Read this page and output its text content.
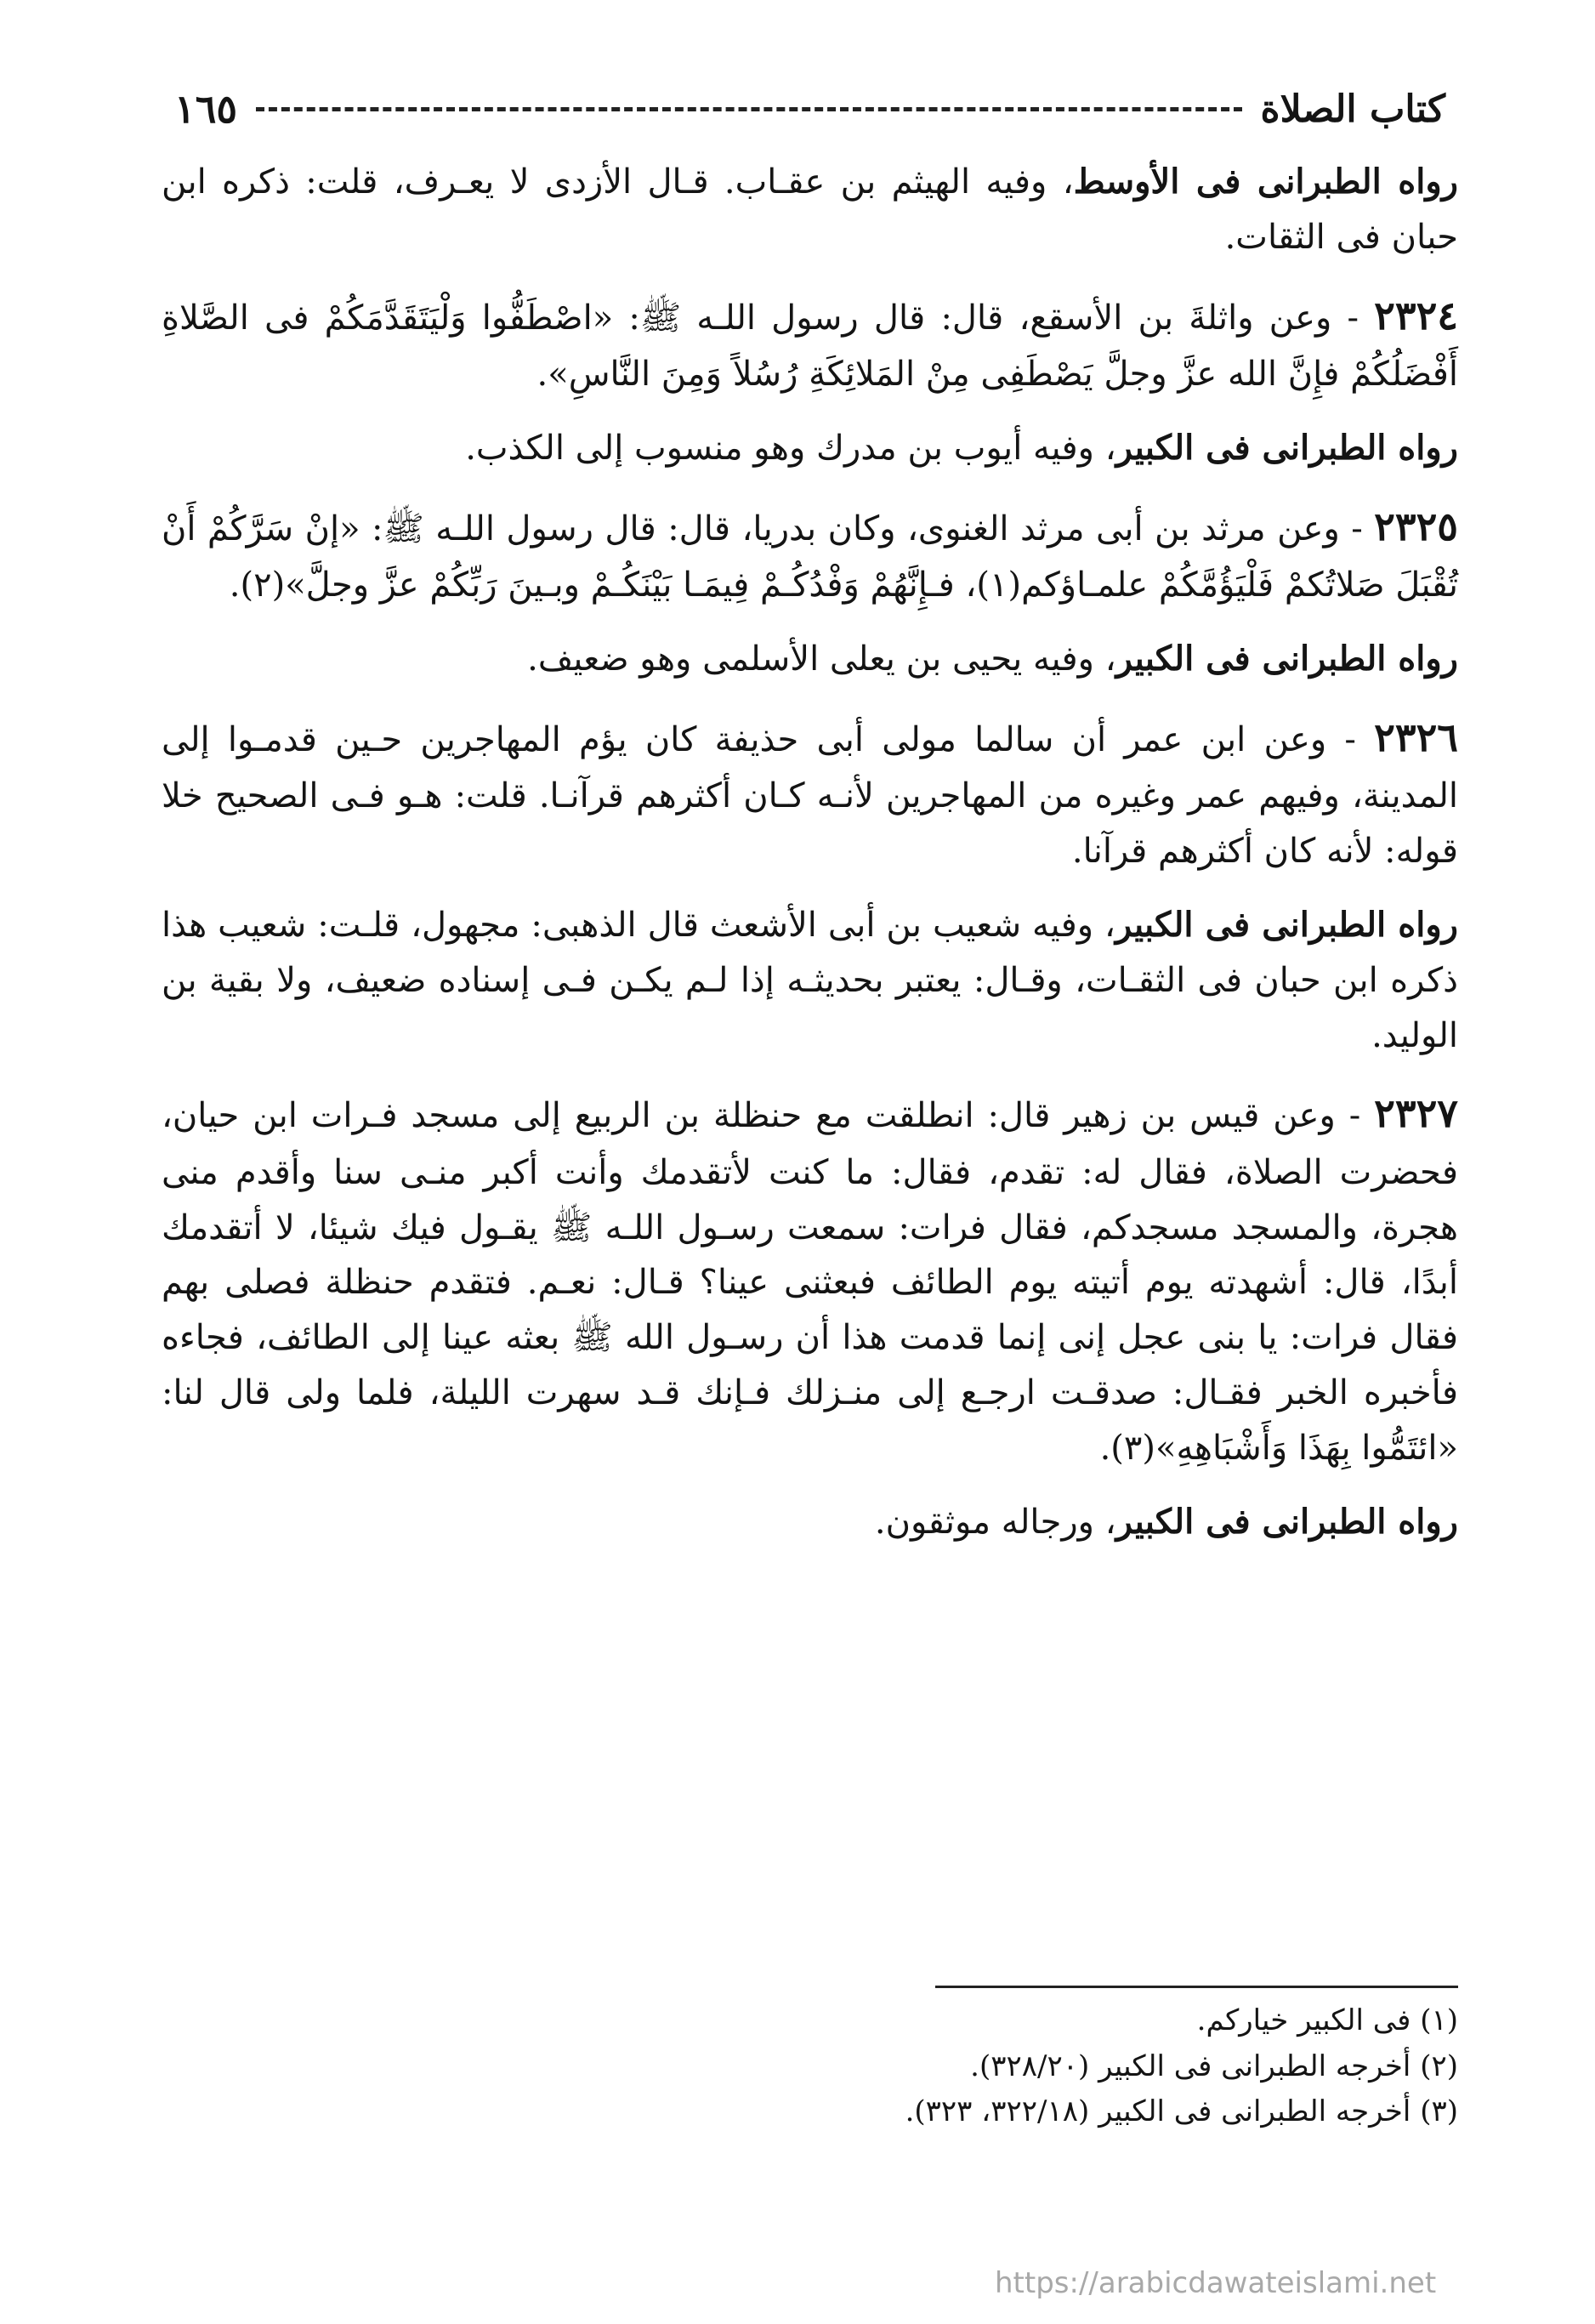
كتاب الصلاة
١٦٥

رواه الطبرانى فى الأوسط، وفيه الهيثم بن عقـاب. قـال الأزدى لا يعـرف، قلت: ذكره ابن حبان فى الثقات.

٢٣٢٤ - وعن واثلةَ بن الأسقع، قال: قال رسول اللـه ﷺ: «اصْطَفُّوا وَلْيَتَقَدَّمَكُمْ فى الصَّلاةِ أَفْضَلُكُمْ فإِنَّ الله عزَّ وجلَّ يَصْطَفِى مِنْ المَلائِكَةِ رُسُلاً وَمِنَ النَّاسِ».

رواه الطبرانى فى الكبير، وفيه أيوب بن مدرك وهو منسوب إلى الكذب.

٢٣٢٥ - وعن مرثد بن أبى مرثد الغنوى، وكان بدريا، قال: قال رسول اللـه ﷺ: «إنْ سَرَّكُمْ أَنْ تُقْبَلَ صَلاتُكمْ فَلْيَؤُمَّكُمْ علمـاؤكم(١)، فـإِنَّهُمْ وَفْدُكُـمْ فِيمَـا بَيْنَكُـمْ وبـينَ رَبِّكُمْ عزَّ وجلَّ»(٢).

رواه الطبرانى فى الكبير، وفيه يحيى بن يعلى الأسلمى وهو ضعيف.

٢٣٢٦ - وعن ابن عمر أن سالما مولى أبى حذيفة كان يؤم المهاجرين حـين قدمـوا إلى المدينة، وفيهم عمر وغيره من المهاجرين لأنـه كـان أكثرهم قرآنـا. قلت: هـو فـى الصحيح خلا قوله: لأنه كان أكثرهم قرآنا.

رواه الطبرانى فى الكبير، وفيه شعيب بن أبى الأشعث قال الذهبى: مجهول، قلـت: شعيب هذا ذكره ابن حبان فى الثقـات، وقـال: يعتبر بحديثـه إذا لـم يكـن فـى إسناده ضعيف، ولا بقية بن الوليد.

٢٣٢٧ - وعن قيس بن زهير قال: انطلقت مع حنظلة بن الربيع إلى مسجد فـرات ابن حيان، فحضرت الصلاة، فقال له: تقدم، فقال: ما كنت لأتقدمك وأنت أكبر منـى سنا وأقدم منى هجرة، والمسجد مسجدكم، فقال فرات: سمعت رسـول اللـه ﷺ يقـول فيك شيئا، لا أتقدمك أبدًا، قال: أشهدته يوم أتيته يوم الطائف فبعثنى عينا؟ قـال: نعـم. فتقدم حنظلة فصلى بهم فقال فرات: يا بنى عجل إنى إنما قدمت هذا أن رسـول الله ﷺ بعثه عينا إلى الطائف، فجاءه فأخبره الخبر فقـال: صدقـت ارجـع إلى منـزلك فـإنك قـد سهرت الليلة، فلما ولى قال لنا: «ائتَمُّوا بِهَذَا وَأَشْبَاهِهِ»(٣).

رواه الطبرانى فى الكبير، ورجاله موثقون.

(١) فى الكبير خياركم.

(٢) أخرجه الطبرانى فى الكبير (٣٢٨/٢٠).

(٣) أخرجه الطبرانى فى الكبير (٣٢٢/١٨، ٣٢٣).

https://arabicdawateislami.net
